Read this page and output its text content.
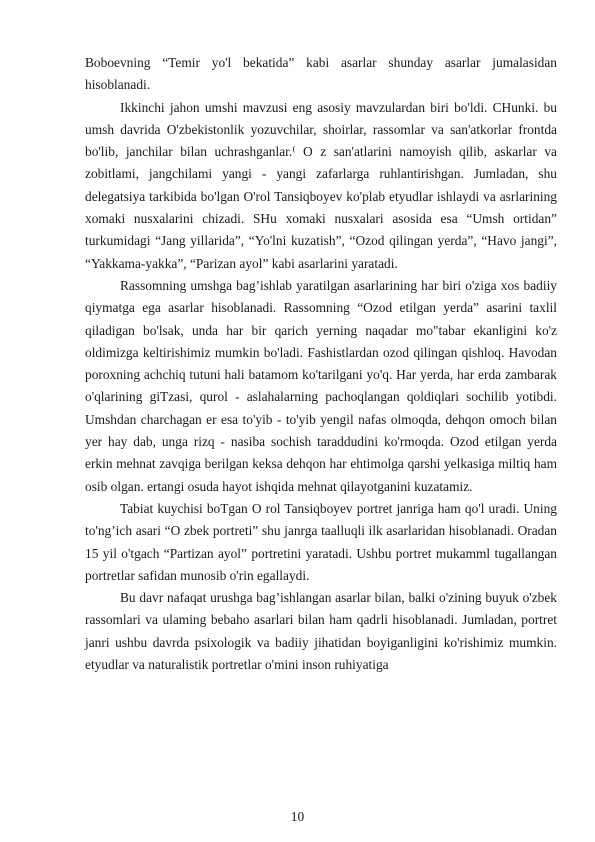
Boboevning “Temir yo'l bekatida” kabi asarlar shunday asarlar jumalasidan hisoblanadi.

Ikkinchi jahon umshi mavzusi eng asosiy mavzulardan biri bo'ldi. CHunki. bu umsh davrida O'zbekistonlik yozuvchilar, shoirlar, rassomlar va san'atkorlar frontda bo'lib, janchilar bilan uchrashganlar.⁽ O z san'atlarini namoyish qilib, askarlar va zobitlami, jangchilami yangi - yangi zafarlarga ruhlantirishgan. Jumladan, shu delegatsiya tarkibida bo'lgan O'rol Tansiqboyev ko'plab etyudlar ishlaydi va asrlarining xomaki nusxalarini chizadi. SHu xomaki nusxalari asosida esa “Umsh ortidan” turkumidagi “Jang yillarida”, “Yo'lni kuzatish”, “Ozod qilingan yerda”, “Havo jangi”, “Yakkama-yakka”, “Parizan ayol” kabi asarlarini yaratadi.

Rassomning umshga bag’ishlab yaratilgan asarlarining har biri o'ziga xos badiiy qiymatga ega asarlar hisoblanadi. Rassomning “Ozod etilgan yerda” asarini taxlil qiladigan bo'lsak, unda har bir qarich yerning naqadar mo"tabar ekanligini ko'z oldimizga keltirishimiz mumkin bo'ladi. Fashistlardan ozod qilingan qishloq. Havodan poroxning achchiq tutuni hali batamom ko'tarilgani yo'q. Har yerda, har erda zambarak o'qlarining giTzasi, qurol - aslahalarning pachoqlangan qoldiqlari sochilib yotibdi. Umshdan charchagan er esa to'yib - to'yib yengil nafas olmoqda, dehqon omoch bilan yer hay dab, unga rizq - nasiba sochish taraddudini ko'rmoqda. Ozod etilgan yerda erkin mehnat zavqiga berilgan keksa dehqon har ehtimolga qarshi yelkasiga miltiq ham osib olgan. ertangi osuda hayot ishqida mehnat qilayotganini kuzatamiz.

Tabiat kuychisi boTgan O rol Tansiqboyev portret janriga ham qo'l uradi. Uning to'ng’ich asari “O zbek portreti” shu janrga taalluqli ilk asarlaridan hisoblanadi. Oradan 15 yil o'tgach “Partizan ayol” portretini yaratadi. Ushbu portret mukamml tugallangan portretlar safidan munosib o'rin egallaydi.

Bu davr nafaqat urushga bag’ishlangan asarlar bilan, balki o'zining buyuk o'zbek rassomlari va ulaming bebaho asarlari bilan ham qadrli hisoblanadi. Jumladan, portret janri ushbu davrda psixologik va badiiy jihatidan boyiganligini ko'rishimiz mumkin. etyudlar va naturalistik portretlar o'mini inson ruhiyatiga

10
